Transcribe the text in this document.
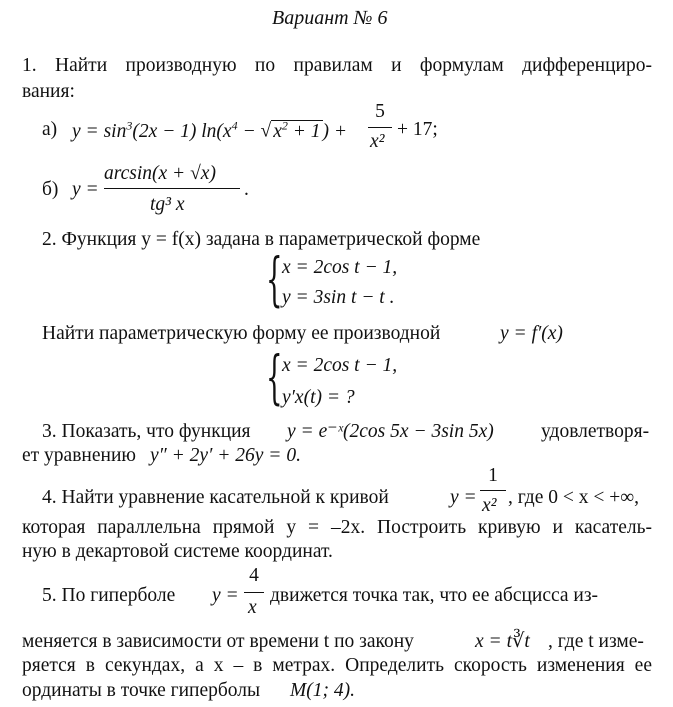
Вариант № 6
1. Найти производную по правилам и формулам дифференциро-
вания:
а) $y = \sin^3(2x - 1) \ln(x^4$ − √ $x^2 + 1$ ) +
5
x²
+ 17;
б) y =
arcsin(x + √x)
tg³ x
.
2. Функция y = f(x) задана в параметрической форме
{ x = 2cos t − 1,
y = 3sin t − t .
Найти параметрическую форму ее производной	y = f′(x)
{ x = 2cos t − 1,
y′x(t) = ?
3. Показать, что функция y = e⁻ˣ(2cos 5x − 3sin 5x) удовлетворя-
ет уравнению y″ + 2y′ + 26y = 0.
4. Найти уравнение касательной к кривой	y =
1
x² , где 0 < x < +∞,
которая параллельна прямой y = –2x. Построить кривую и касатель-
ную в декартовой системе координат.
5. По гиперболе y =
4
x
движется точка так, что ее абсцисса из-
меняется в зависимости от времени t по закону	x = t∛t , где t изме-
ряется в секундах, а x – в метрах. Определить скорость изменения ее
ординаты в точке гиперболы M(1; 4).
